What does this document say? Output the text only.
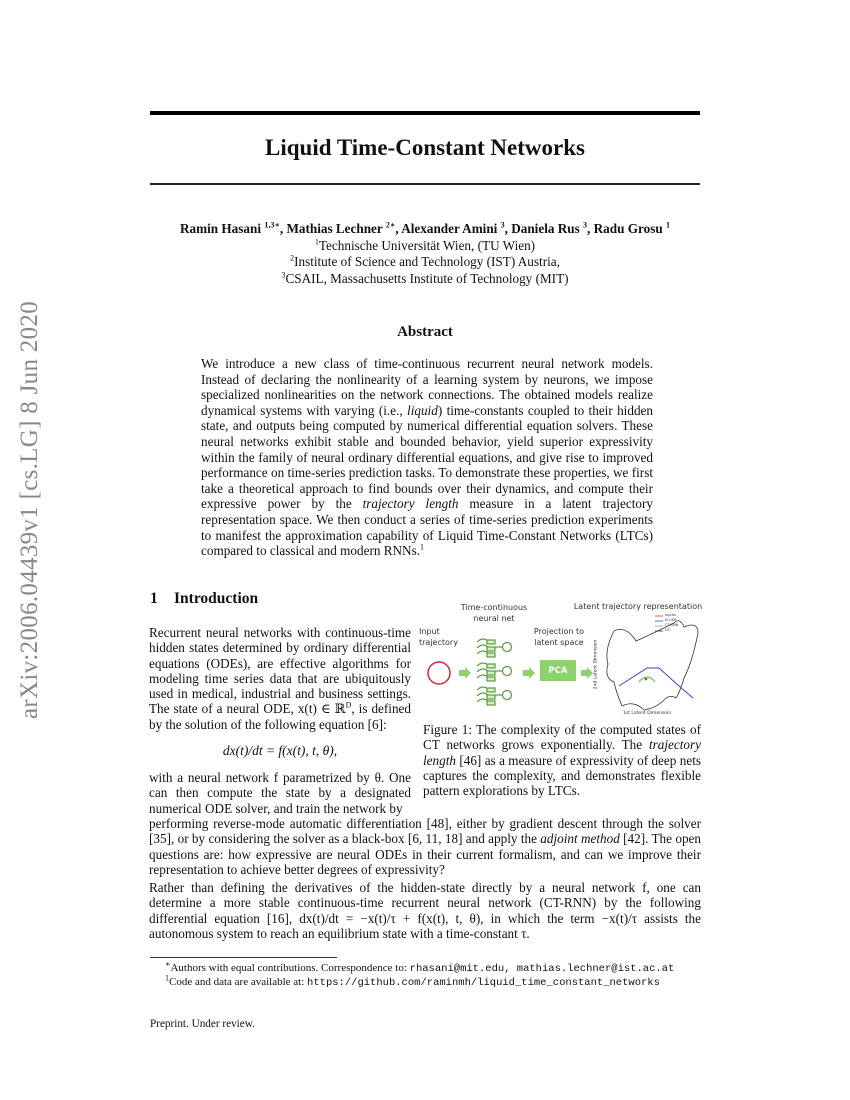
arXiv:2006.04439v1 [cs.LG] 8 Jun 2020
Liquid Time-Constant Networks
Ramin Hasani $^{1,3∗}$, Mathias Lechner $^{2∗}$, Alexander Amini $^3$, Daniela Rus $^3$, Radu Grosu $^1$
$^1$Technische Universität Wien, (TU Wien)
$^2$Institute of Science and Technology (IST) Austria,
$^3$CSAIL, Massachusetts Institute of Technology (MIT)
Abstract
We introduce a new class of time-continuous recurrent neural network models. Instead of declaring the nonlinearity of a learning system by neurons, we impose specialized nonlinearities on the network connections. The obtained models realize dynamical systems with varying (i.e., liquid) time-constants coupled to their hidden state, and outputs being computed by numerical differential equation solvers. These neural networks exhibit stable and bounded behavior, yield superior expressivity within the family of neural ordinary differential equations, and give rise to improved performance on time-series prediction tasks. To demonstrate these properties, we first take a theoretical approach to find bounds over their dynamics, and compute their expressive power by the trajectory length measure in a latent trajectory representation space. We then conduct a series of time-series prediction experiments to manifest the approximation capability of Liquid Time-Constant Networks (LTCs) compared to classical and modern RNNs.$^1$
1 Introduction
Recurrent neural networks with continuous-time hidden states determined by ordinary differential equations (ODEs), are effective algorithms for modeling time series data that are ubiquitously used in medical, industrial and business settings. The state of a neural ODE, x(t) ∈ ℝ$^D$, is defined by the solution of the following equation [6]:
dx(t)/dt = f(x(t), t, θ),
with a neural network f parametrized by θ. One can then compute the state by a designated numerical ODE solver, and train the network by
Input trajectory
Time-continuous neural net
Projection to latent space
Latent trajectory representation
PCA
Inputs
N-ODE
CT-RNN
LTC
1st Latent Dimension
2nd Latent Dimension
Figure 1: The complexity of the computed states of CT networks grows exponentially. The trajectory length [46] as a measure of expressivity of deep nets captures the complexity, and demonstrates flexible pattern explorations by LTCs.
performing reverse-mode automatic differentiation [48], either by gradient descent through the solver [35], or by considering the solver as a black-box [6, 11, 18] and apply the adjoint method [42]. The open questions are: how expressive are neural ODEs in their current formalism, and can we improve their representation to achieve better degrees of expressivity?
Rather than defining the derivatives of the hidden-state directly by a neural network f, one can determine a more stable continuous-time recurrent neural network (CT-RNN) by the following differential equation [16], dx(t)/dt = −x(t)/τ + f(x(t), t, θ), in which the term −x(t)/τ assists the autonomous system to reach an equilibrium state with a time-constant τ.
∗Authors with equal contributions. Correspondence to: rhasani@mit.edu, mathias.lechner@ist.ac.at
$^1$Code and data are available at: https://github.com/raminmh/liquid_time_constant_networks
Preprint. Under review.
